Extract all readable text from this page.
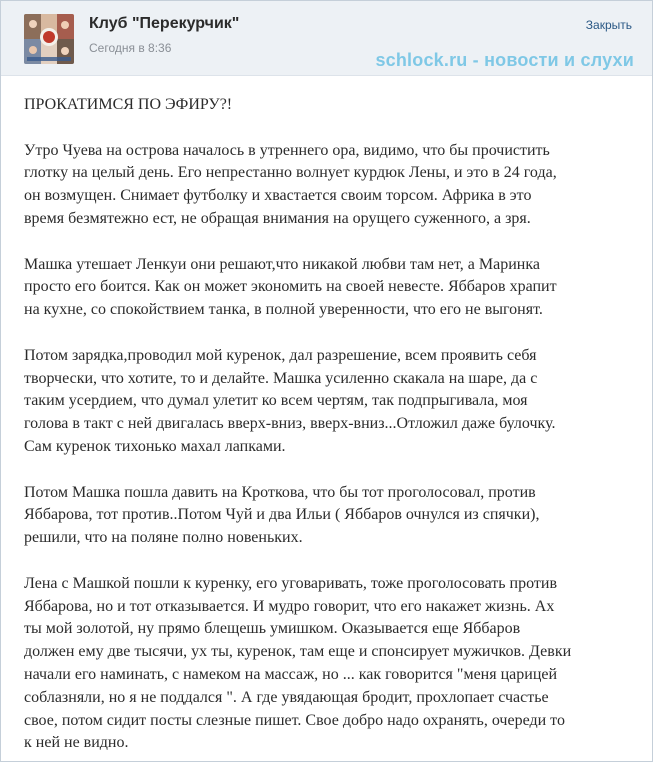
Клуб "Перекурчик"
Сегодня в 8:36
Закрыть
schlock.ru - новости и слухи
ПРОКАТИМСЯ ПО ЭФИРУ?!
Утро Чуева на острова началось в утреннего ора, видимо, что бы прочистить
глотку на целый день. Его непрестанно волнует курдюк Лены, и это в 24 года,
он возмущен. Снимает футболку и хвастается своим торсом. Африка в это
время безмятежно ест, не обращая внимания на орущего суженного, а зря.
Машка утешает Ленкуи они решают,что никакой любви там нет, а Маринка
просто его боится. Как он может экономить на своей невесте. Яббаров храпит
на кухне, со спокойствием танка, в полной уверенности, что его не выгонят.
Потом зарядка,проводил мой куренок, дал разрешение, всем проявить себя
творчески, что хотите, то и делайте. Машка усиленно скакала на шаре, да с
таким усердием, что думал улетит ко всем чертям, так подпрыгивала, моя
голова в такт с ней двигалась вверх-вниз, вверх-вниз...Отложил даже булочку.
Сам куренок тихонько махал лапками.
Потом Машка пошла давить на Кроткова, что бы тот проголосовал, против
Яббарова, тот против..Потом Чуй и два Ильи ( Яббаров очнулся из спячки),
решили, что на поляне полно новеньких.
Лена с Машкой пошли к куренку, его уговаривать, тоже проголосовать против
Яббарова, но и тот отказывается. И мудро говорит, что его накажет жизнь. Ах
ты мой золотой, ну прямо блещешь умишком. Оказывается еще Яббаров
должен ему две тысячи, ух ты, куренок, там еще и спонсирует мужичков. Девки
начали его наминать, с намеком на массаж, но ... как говорится "меня царицей
соблазняли, но я не поддался ". А где увядающая бродит, прохлопает счастье
свое, потом сидит посты слезные пишет. Свое добро надо охранять, очереди то
к ней не видно.
